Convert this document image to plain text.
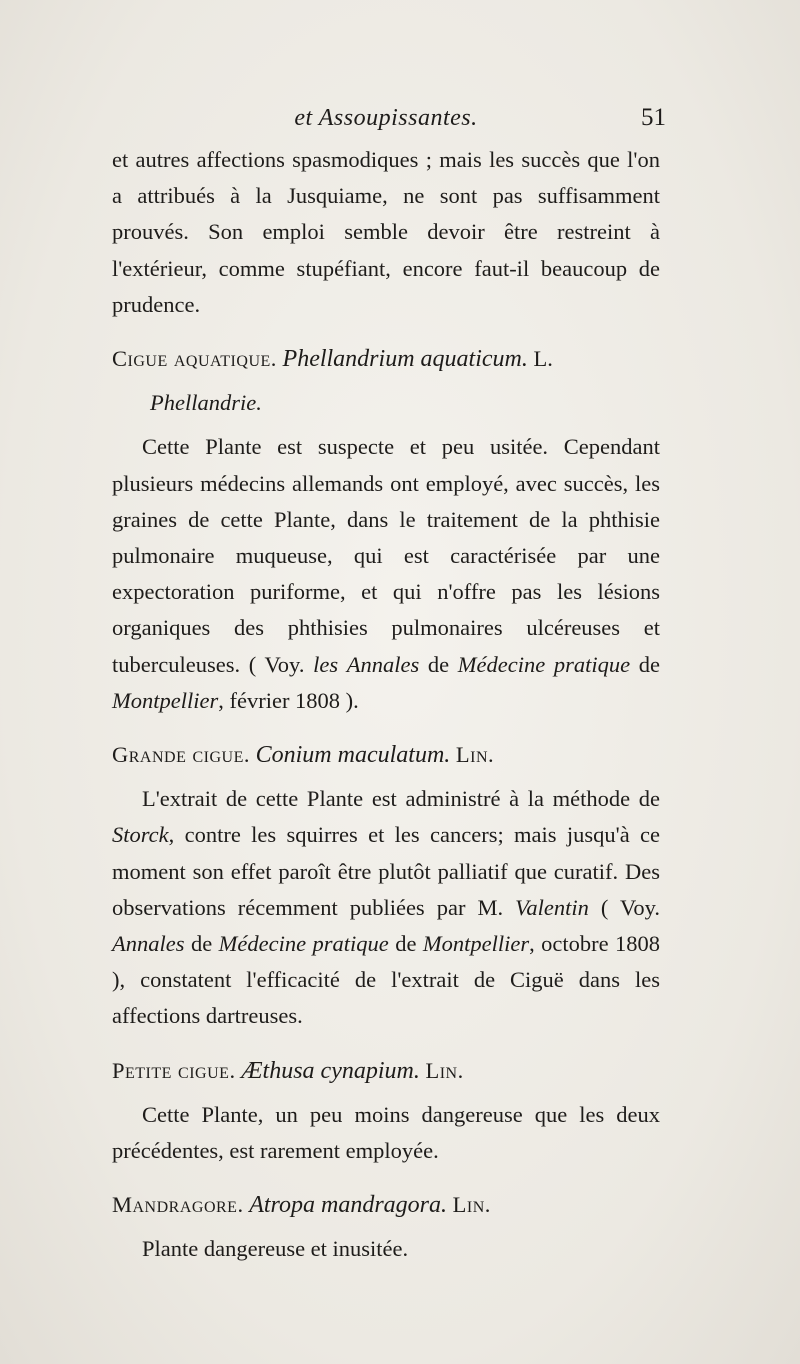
et Assoupissantes.	51

et autres affections spasmodiques ; mais les succès que l'on a attribués à la Jusquiame, ne sont pas suffisamment prouvés. Son emploi semble devoir être restreint à l'extérieur, comme stupéfiant, encore faut-il beaucoup de prudence.

Cigue aquatique. Phellandrium aquaticum. L.

Phellandrie.

Cette Plante est suspecte et peu usitée. Cependant plusieurs médecins allemands ont employé, avec succès, les graines de cette Plante, dans le traitement de la phthisie pulmonaire muqueuse, qui est caractérisée par une expectoration puriforme, et qui n'offre pas les lésions organiques des phthisies pulmonaires ulcéreuses et tuberculeuses. ( Voy. les Annales de Médecine pratique de Montpellier, février 1808 ).

Grande cigue. Conium maculatum. Lin.

L'extrait de cette Plante est administré à la méthode de Storck, contre les squirres et les cancers; mais jusqu'à ce moment son effet paroît être plutôt palliatif que curatif. Des observations récemment publiées par M. Valentin ( Voy. Annales de Médecine pratique de Montpellier, octobre 1808 ), constatent l'efficacité de l'extrait de Ciguë dans les affections dartreuses.

Petite cigue. Æthusa cynapium. Lin.

Cette Plante, un peu moins dangereuse que les deux précédentes, est rarement employée.

Mandragore. Atropa mandragora. Lin.

Plante dangereuse et inusitée.
